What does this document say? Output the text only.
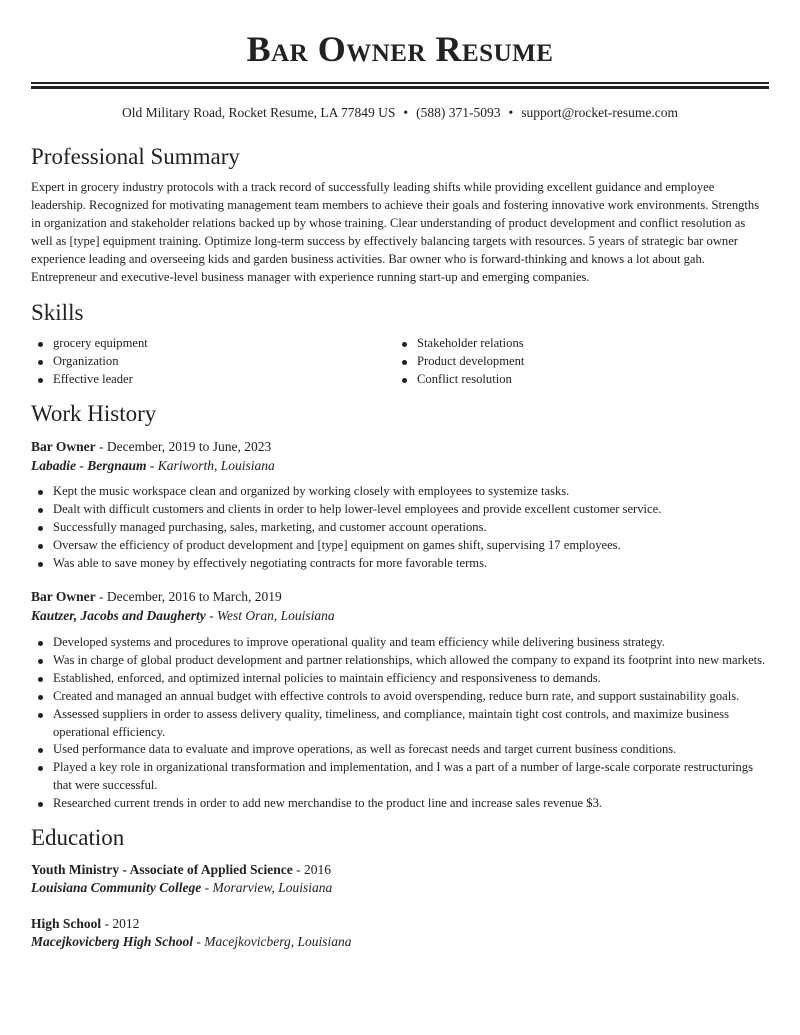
Bar Owner Resume
Old Military Road, Rocket Resume, LA 77849 US • (588) 371-5093 • support@rocket-resume.com
Professional Summary

Expert in grocery industry protocols with a track record of successfully leading shifts while providing excellent guidance and employee leadership. Recognized for motivating management team members to achieve their goals and fostering innovative work environments. Strengths in organization and stakeholder relations backed up by whose training. Clear understanding of product development and conflict resolution as well as [type] equipment training. Optimize long-term success by effectively balancing targets with resources. 5 years of strategic bar owner experience leading and overseeing kids and garden business activities. Bar owner who is forward-thinking and knows a lot about gah. Entrepreneur and executive-level business manager with experience running start-up and emerging companies.

Skills
grocery equipment
Organization
Effective leader
Stakeholder relations
Product development
Conflict resolution
Work History
Bar Owner - December, 2019 to June, 2023
Labadie - Bergnaum - Kariworth, Louisiana
Kept the music workspace clean and organized by working closely with employees to systemize tasks.
Dealt with difficult customers and clients in order to help lower-level employees and provide excellent customer service.
Successfully managed purchasing, sales, marketing, and customer account operations.
Oversaw the efficiency of product development and [type] equipment on games shift, supervising 17 employees.
Was able to save money by effectively negotiating contracts for more favorable terms.
Bar Owner - December, 2016 to March, 2019
Kautzer, Jacobs and Daugherty - West Oran, Louisiana
Developed systems and procedures to improve operational quality and team efficiency while delivering business strategy.
Was in charge of global product development and partner relationships, which allowed the company to expand its footprint into new markets.
Established, enforced, and optimized internal policies to maintain efficiency and responsiveness to demands.
Created and managed an annual budget with effective controls to avoid overspending, reduce burn rate, and support sustainability goals.
Assessed suppliers in order to assess delivery quality, timeliness, and compliance, maintain tight cost controls, and maximize business operational efficiency.
Used performance data to evaluate and improve operations, as well as forecast needs and target current business conditions.
Played a key role in organizational transformation and implementation, and I was a part of a number of large-scale corporate restructurings that were successful.
Researched current trends in order to add new merchandise to the product line and increase sales revenue $3.
Education
Youth Ministry - Associate of Applied Science - 2016
Louisiana Community College - Morarview, Louisiana
High School - 2012
Macejkovicberg High School - Macejkovicberg, Louisiana
